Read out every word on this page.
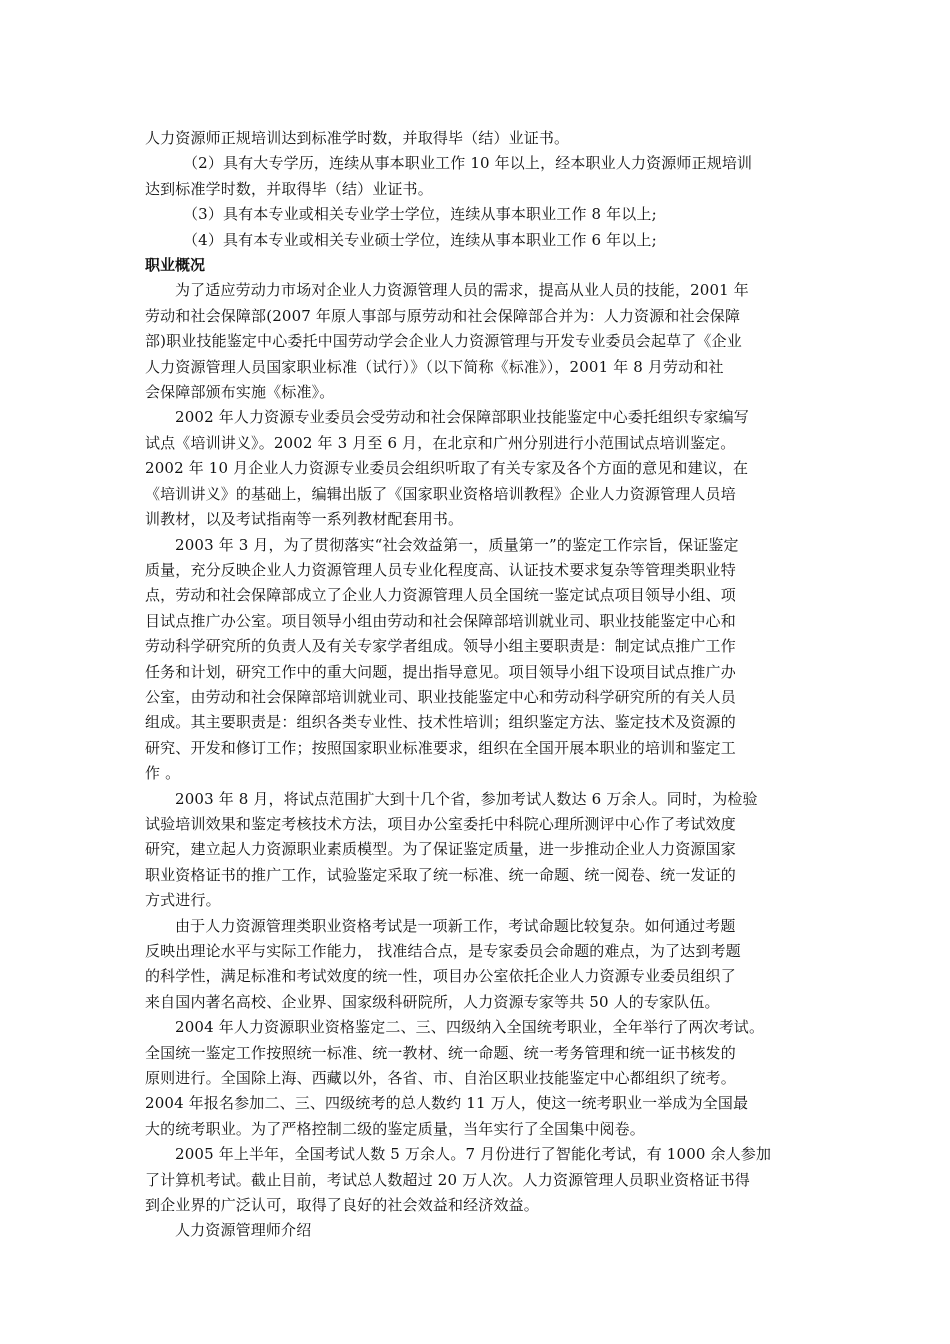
人力资源师正规培训达到标准学时数，并取得毕（结）业证书。
（2）具有大专学历，连续从事本职业工作 10 年以上，经本职业人力资源师正规培训
达到标准学时数，并取得毕（结）业证书。
（3）具有本专业或相关专业学士学位，连续从事本职业工作 8 年以上;
（4）具有本专业或相关专业硕士学位，连续从事本职业工作 6 年以上;
职业概况
为了适应劳动力市场对企业人力资源管理人员的需求，提高从业人员的技能，2001 年
劳动和社会保障部(2007 年原人事部与原劳动和社会保障部合并为：人力资源和社会保障
部)职业技能鉴定中心委托中国劳动学会企业人力资源管理与开发专业委员会起草了《企业
人力资源管理人员国家职业标准（试行）》（以下简称《标准》），2001 年 8 月劳动和社
会保障部颁布实施《标准》。
2002 年人力资源专业委员会受劳动和社会保障部职业技能鉴定中心委托组织专家编写
试点《培训讲义》。2002 年 3 月至 6 月，在北京和广州分别进行小范围试点培训鉴定。
2002 年 10 月企业人力资源专业委员会组织听取了有关专家及各个方面的意见和建议，在
《培训讲义》的基础上，编辑出版了《国家职业资格培训教程》企业人力资源管理人员培
训教材，以及考试指南等一系列教材配套用书。
2003 年 3 月，为了贯彻落实“社会效益第一，质量第一”的鉴定工作宗旨，保证鉴定
质量，充分反映企业人力资源管理人员专业化程度高、认证技术要求复杂等管理类职业特
点，劳动和社会保障部成立了企业人力资源管理人员全国统一鉴定试点项目领导小组、项
目试点推广办公室。项目领导小组由劳动和社会保障部培训就业司、职业技能鉴定中心和
劳动科学研究所的负责人及有关专家学者组成。领导小组主要职责是：制定试点推广工作
任务和计划，研究工作中的重大问题，提出指导意见。项目领导小组下设项目试点推广办
公室，由劳动和社会保障部培训就业司、职业技能鉴定中心和劳动科学研究所的有关人员
组成。其主要职责是：组织各类专业性、技术性培训；组织鉴定方法、鉴定技术及资源的
研究、开发和修订工作；按照国家职业标准要求，组织在全国开展本职业的培训和鉴定工
作 。
2003 年 8 月，将试点范围扩大到十几个省，参加考试人数达 6 万余人。同时，为检验
试验培训效果和鉴定考核技术方法，项目办公室委托中科院心理所测评中心作了考试效度
研究，建立起人力资源职业素质模型。为了保证鉴定质量，进一步推动企业人力资源国家
职业资格证书的推广工作，试验鉴定采取了统一标准、统一命题、统一阅卷、统一发证的
方式进行。
由于人力资源管理类职业资格考试是一项新工作，考试命题比较复杂。如何通过考题
反映出理论水平与实际工作能力， 找准结合点，是专家委员会命题的难点，为了达到考题
的科学性，满足标准和考试效度的统一性，项目办公室依托企业人力资源专业委员组织了
来自国内著名高校、企业界、国家级科研院所，人力资源专家等共 50 人的专家队伍。
2004 年人力资源职业资格鉴定二、三、四级纳入全国统考职业，全年举行了两次考试。
全国统一鉴定工作按照统一标准、统一教材、统一命题、统一考务管理和统一证书核发的
原则进行。全国除上海、西藏以外，各省、市、自治区职业技能鉴定中心都组织了统考。
2004 年报名参加二、三、四级统考的总人数约 11 万人，使这一统考职业一举成为全国最
大的统考职业。为了严格控制二级的鉴定质量，当年实行了全国集中阅卷。
2005 年上半年，全国考试人数 5 万余人。7 月份进行了智能化考试，有 1000 余人参加
了计算机考试。截止目前，考试总人数超过 20 万人次。人力资源管理人员职业资格证书得
到企业界的广泛认可，取得了良好的社会效益和经济效益。
人力资源管理师介绍
